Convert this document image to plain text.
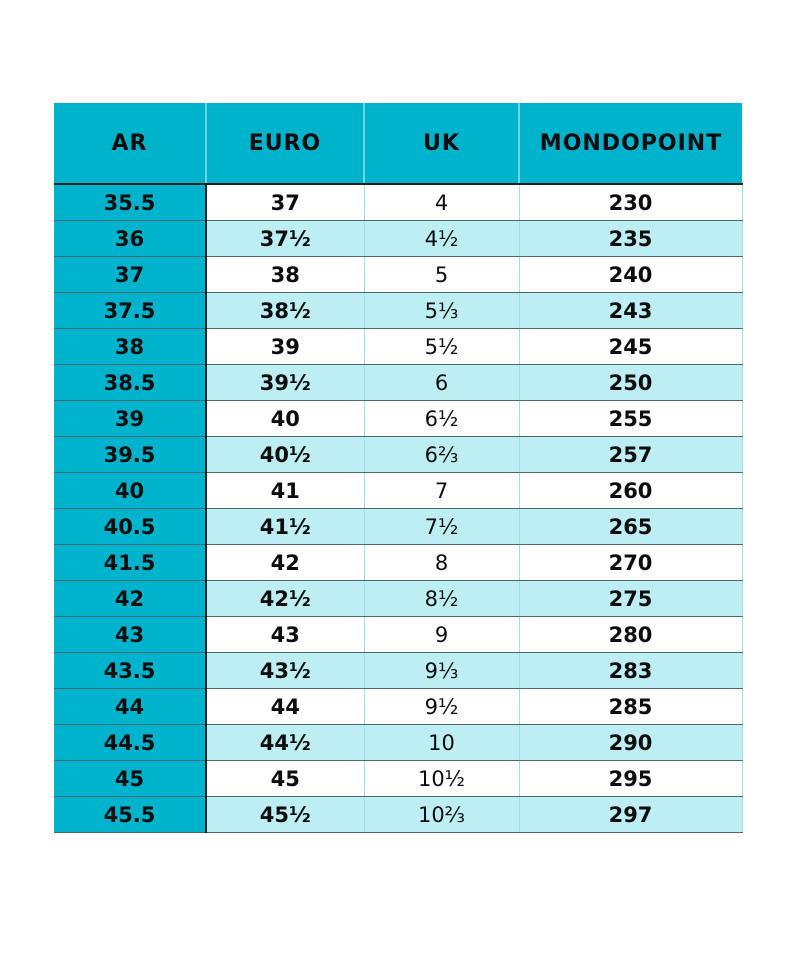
AR	EURO	UK	MONDOPOINT
35.5	37	4	230
36	37½	4½	235
37	38	5	240
37.5	38½	5⅓	243
38	39	5½	245
38.5	39½	6	250
39	40	6½	255
39.5	40½	6⅔	257
40	41	7	260
40.5	41½	7½	265
41.5	42	8	270
42	42½	8½	275
43	43	9	280
43.5	43½	9⅓	283
44	44	9½	285
44.5	44½	10	290
45	45	10½	295
45.5	45½	10⅔	297
